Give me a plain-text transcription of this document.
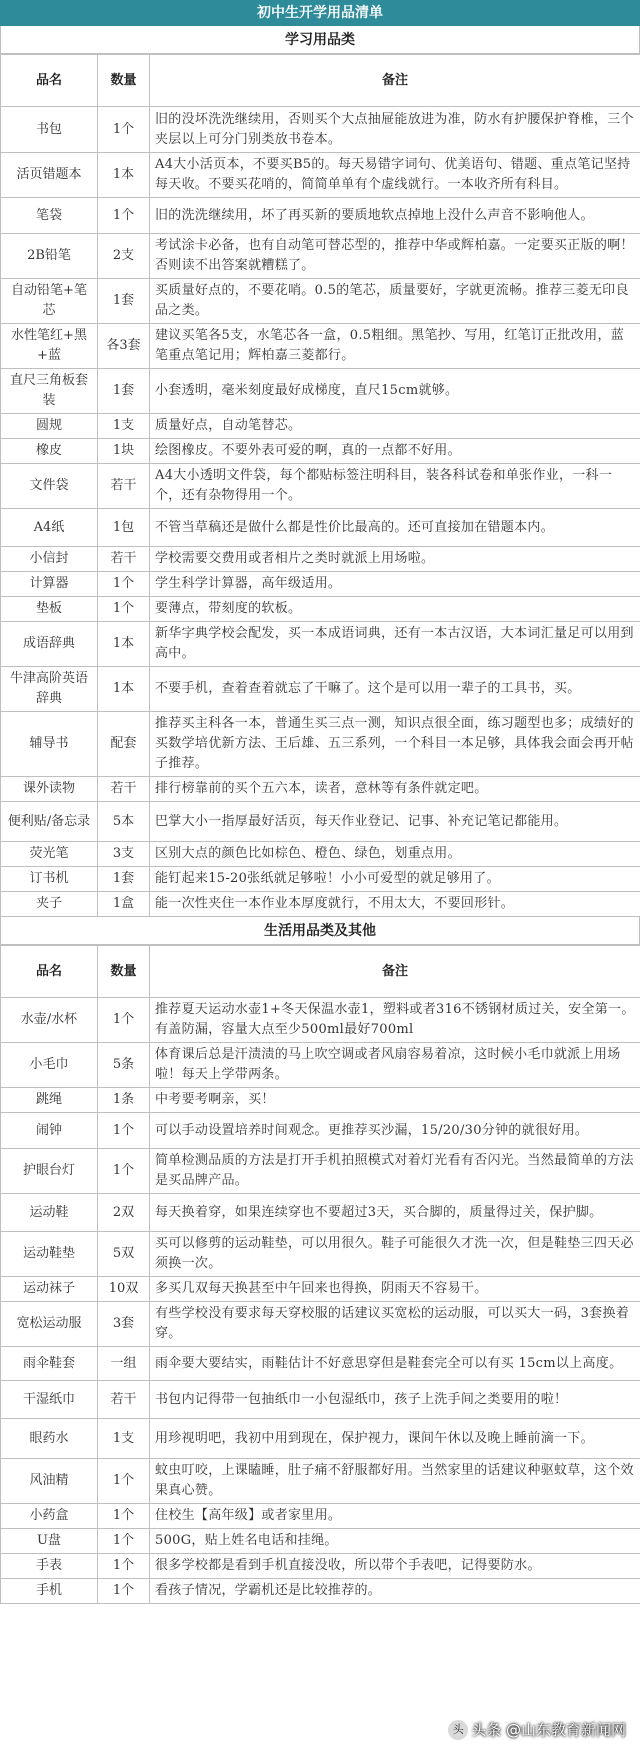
初中生开学用品清单
学习用品类
品名	数量	备注
书包	1个	旧的没坏洗洗继续用，否则买个大点抽屉能放进为准，防水有护腰保护脊椎，三个夹层以上可分门别类放书卷本。
活页错题本	1本	A4大小活页本，不要买B5的。每天易错字词句、优美语句、错题、重点笔记坚持每天收。不要买花哨的，简简单单有个虚线就行。一本收齐所有科目。
笔袋	1个	旧的洗洗继续用，坏了再买新的要质地软点掉地上没什么声音不影响他人。
2B铅笔	2支	考试涂卡必备，也有自动笔可替芯型的，推荐中华或辉柏嘉。一定要买正版的啊！否则读不出答案就糟糕了。
自动铅笔+笔芯	1套	买质量好点的，不要花哨。0.5的笔芯，质量要好，字就更流畅。推荐三菱无印良品之类。
水性笔红+黑+蓝	各3套	建议买笔各5支，水笔芯各一盒，0.5粗细。黑笔抄、写用，红笔订正批改用，蓝笔重点笔记用；辉柏嘉三菱都行。
直尺三角板套装	1套	小套透明，毫米刻度最好成梯度，直尺15cm就够。
圆规	1支	质量好点，自动笔替芯。
橡皮	1块	绘图橡皮。不要外表可爱的啊，真的一点都不好用。
文件袋	若干	A4大小透明文件袋，每个都贴标签注明科目，装各科试卷和单张作业，一科一个，还有杂物得用一个。
A4纸	1包	不管当草稿还是做什么都是性价比最高的。还可直接加在错题本内。
小信封	若干	学校需要交费用或者相片之类时就派上用场啦。
计算器	1个	学生科学计算器，高年级适用。
垫板	1个	要薄点，带刻度的软板。
成语辞典	1本	新华字典学校会配发，买一本成语词典，还有一本古汉语，大本词汇量足可以用到高中。
牛津高阶英语辞典	1本	不要手机，查着查着就忘了干嘛了。这个是可以用一辈子的工具书，买。
辅导书	配套	推荐买主科各一本，普通生买三点一测，知识点很全面，练习题型也多；成绩好的买数学培优新方法、王后雄、五三系列，一个科目一本足够，具体我会面会再开帖子推荐。
课外读物	若干	排行榜靠前的买个五六本，读者，意林等有条件就定吧。
便利贴/备忘录	5本	巴掌大小一指厚最好活页，每天作业登记、记事、补充记笔记都能用。
荧光笔	3支	区别大点的颜色比如棕色、橙色、绿色，划重点用。
订书机	1套	能钉起来15-20张纸就足够啦！小小可爱型的就足够用了。
夹子	1盒	能一次性夹住一本作业本厚度就行，不用太大，不要回形针。
生活用品类及其他
品名	数量	备注
水壶/水杯	1个	推荐夏天运动水壶1+冬天保温水壶1，塑料或者316不锈钢材质过关，安全第一。有盖防漏，容量大点至少500ml最好700ml
小毛巾	5条	体育课后总是汗渍渍的马上吹空调或者风扇容易着凉，这时候小毛巾就派上用场啦！每天上学带两条。
跳绳	1条	中考要考啊亲，买！
闹钟	1个	可以手动设置培养时间观念。更推荐买沙漏，15/20/30分钟的就很好用。
护眼台灯	1个	简单检测品质的方法是打开手机拍照模式对着灯光看有否闪光。当然最简单的方法是买品牌产品。
运动鞋	2双	每天换着穿，如果连续穿也不要超过3天，买合脚的，质量得过关，保护脚。
运动鞋垫	5双	买可以修剪的运动鞋垫，可以用很久。鞋子可能很久才洗一次，但是鞋垫三四天必须换一次。
运动袜子	10双	多买几双每天换甚至中午回来也得换，阴雨天不容易干。
宽松运动服	3套	有些学校没有要求每天穿校服的话建议买宽松的运动服，可以买大一码，3套换着穿。
雨伞鞋套	一组	雨伞要大要结实，雨鞋估计不好意思穿但是鞋套完全可以有买 15cm以上高度。
干湿纸巾	若干	书包内记得带一包抽纸巾一小包湿纸巾，孩子上洗手间之类要用的啦！
眼药水	1支	用珍视明吧，我初中用到现在，保护视力，课间午休以及晚上睡前滴一下。
风油精	1个	蚊虫叮咬，上课瞌睡，肚子痛不舒服都好用。当然家里的话建议种驱蚊草，这个效果真心赞。
小药盒	1个	住校生【高年级】或者家里用。
U盘	1个	500G，贴上姓名电话和挂绳。
手表	1个	很多学校都是看到手机直接没收，所以带个手表吧，记得要防水。
手机	1个	看孩子情况，学霸机还是比较推荐的。
头 头条 @山东教育新闻网
